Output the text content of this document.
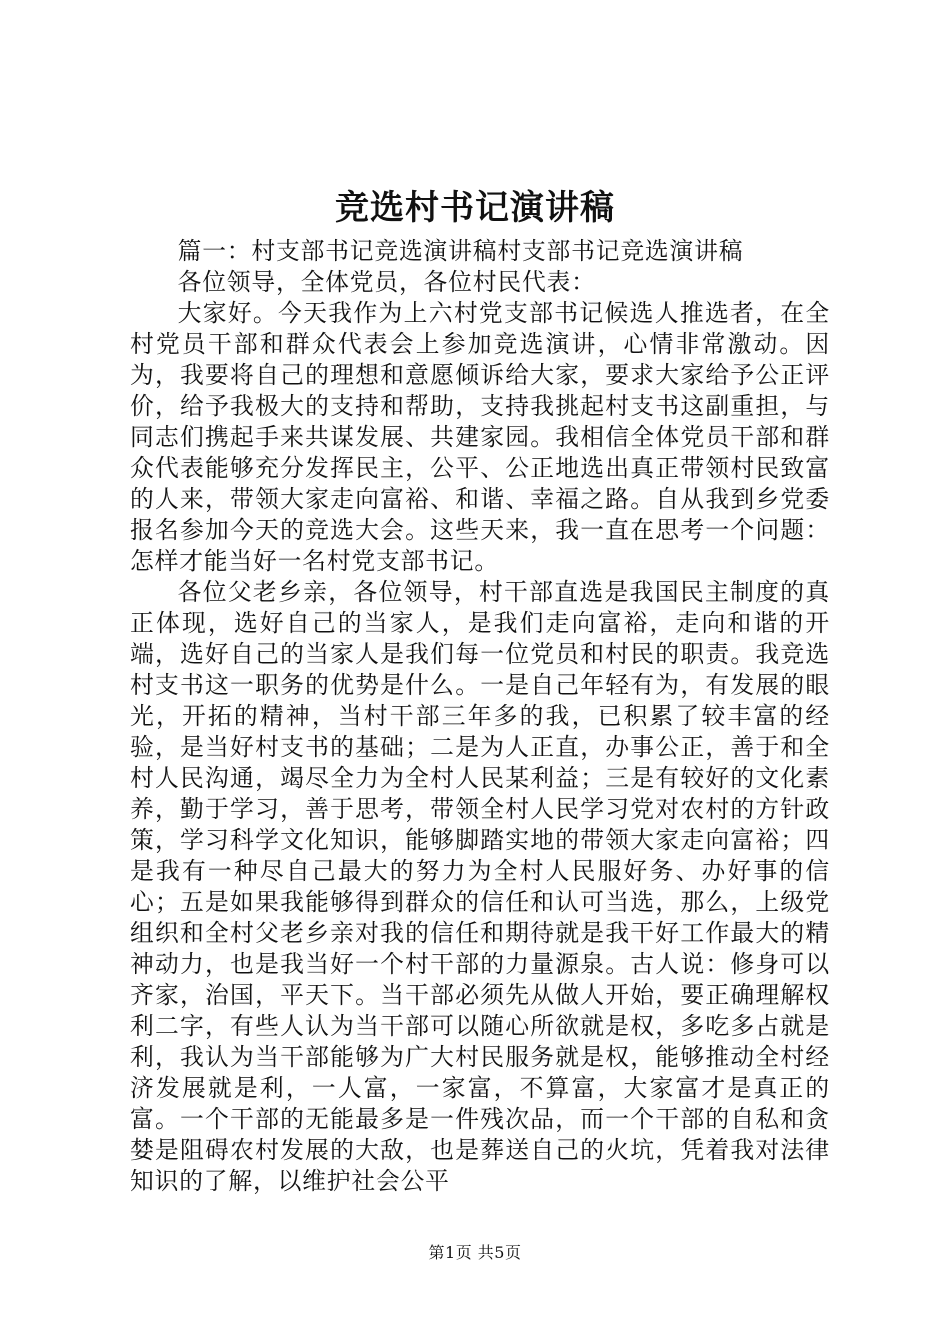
竞选村书记演讲稿

篇一：村支部书记竞选演讲稿村支部书记竞选演讲稿

各位领导，全体党员，各位村民代表：

大家好。今天我作为上六村党支部书记候选人推选者，在全村党员干部和群众代表会上参加竞选演讲，心情非常激动。因为，我要将自己的理想和意愿倾诉给大家，要求大家给予公正评价，给予我极大的支持和帮助，支持我挑起村支书这副重担，与同志们携起手来共谋发展、共建家园。我相信全体党员干部和群众代表能够充分发挥民主，公平、公正地选出真正带领村民致富的人来，带领大家走向富裕、和谐、幸福之路。自从我到乡党委报名参加今天的竞选大会。这些天来，我一直在思考一个问题：怎样才能当好一名村党支部书记。

各位父老乡亲，各位领导，村干部直选是我国民主制度的真正体现，选好自己的当家人，是我们走向富裕，走向和谐的开端，选好自己的当家人是我们每一位党员和村民的职责。我竞选村支书这一职务的优势是什么。一是自己年轻有为，有发展的眼光，开拓的精神，当村干部三年多的我，已积累了较丰富的经验，是当好村支书的基础；二是为人正直，办事公正，善于和全村人民沟通，竭尽全力为全村人民某利益；三是有较好的文化素养，勤于学习，善于思考，带领全村人民学习党对农村的方针政策，学习科学文化知识，能够脚踏实地的带领大家走向富裕；四是我有一种尽自己最大的努力为全村人民服好务、办好事的信心；五是如果我能够得到群众的信任和认可当选，那么，上级党组织和全村父老乡亲对我的信任和期待就是我干好工作最大的精神动力，也是我当好一个村干部的力量源泉。古人说：修身可以齐家，治国，平天下。当干部必须先从做人开始，要正确理解权利二字，有些人认为当干部可以随心所欲就是权，多吃多占就是利，我认为当干部能够为广大村民服务就是权，能够推动全村经济发展就是利，一人富，一家富，不算富，大家富才是真正的富。一个干部的无能最多是一件残次品，而一个干部的自私和贪婪是阻碍农村发展的大敌，也是葬送自己的火坑，凭着我对法律知识的了解，以维护社会公平

第1页 共5页
